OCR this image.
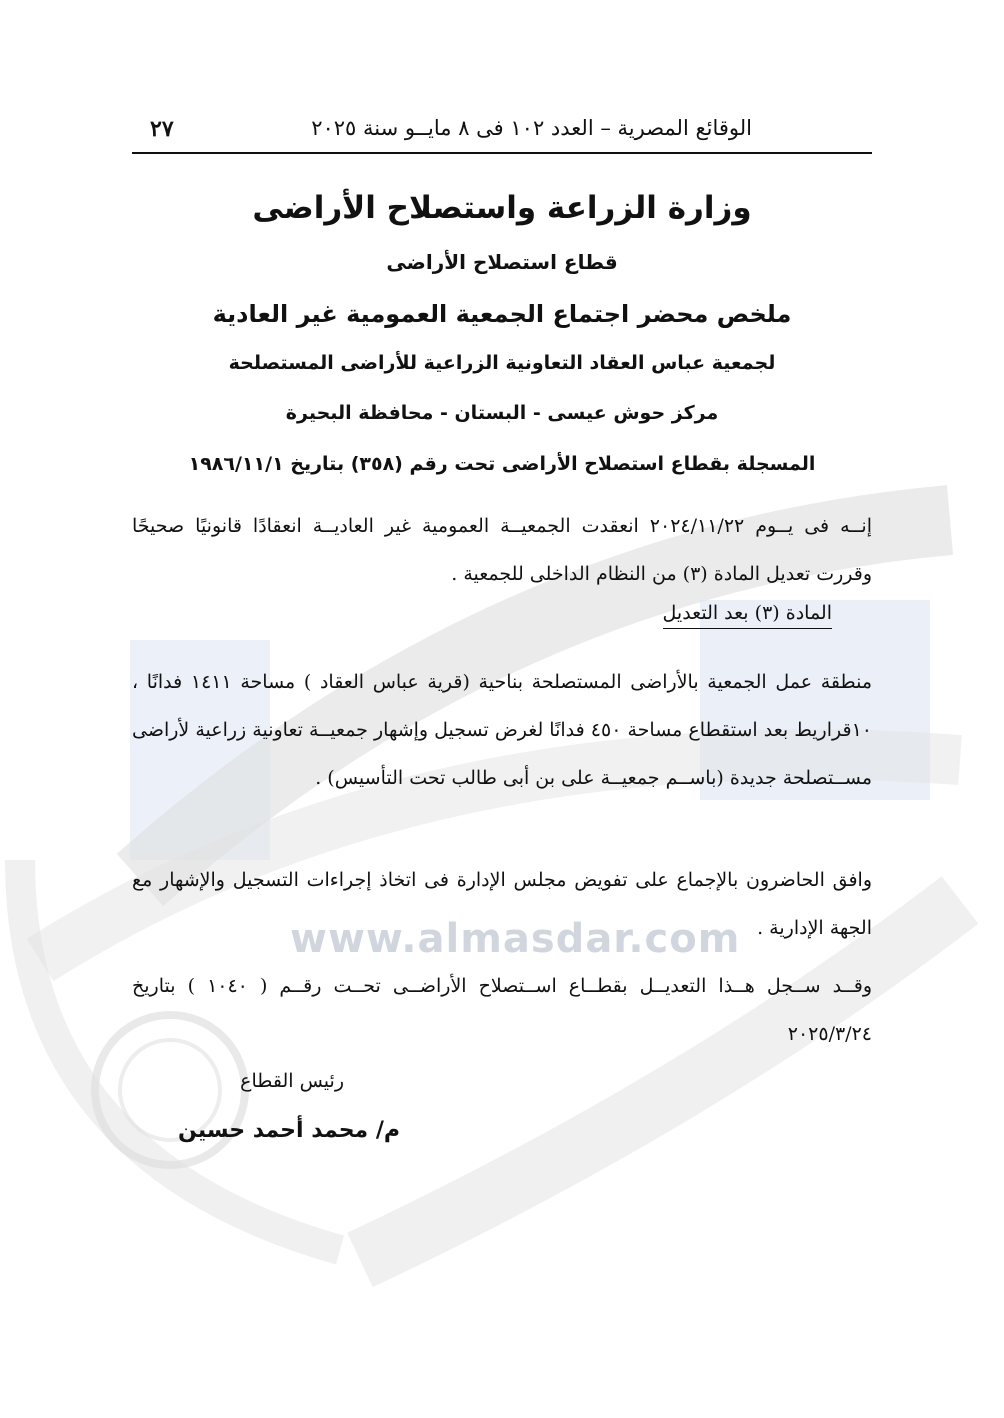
www.almasdar.com
الوقائع المصرية – العدد ١٠٢ فى ٨ مايــو سنة ٢٠٢٥
٢٧
وزارة الزراعة واستصلاح الأراضى
قطاع استصلاح الأراضى
ملخص محضر اجتماع الجمعية العمومية غير العادية
لجمعية عباس العقاد التعاونية الزراعية للأراضى المستصلحة
مركز حوش عيسى - البستان - محافظة البحيرة
المسجلة بقطاع استصلاح الأراضى تحت رقم (٣٥٨) بتاريخ ١٩٨٦/١١/١
إنــه فى يــوم ٢٠٢٤/١١/٢٢ انعقدت الجمعيــة العمومية غير العاديــة انعقادًا قانونيًا صحيحًا وقررت تعديل المادة (٣) من النظام الداخلى للجمعية .
المادة (٣) بعد التعديل
منطقة عمل الجمعية بالأراضى المستصلحة بناحية (قرية عباس العقاد ) مساحة ١٤١١ فدانًا ، ١٠قراريط بعد استقطاع مساحة ٤٥٠ فدانًا لغرض تسجيل وإشهار جمعيــة تعاونية زراعية لأراضى مســتصلحة جديدة (باســم جمعيــة على بن أبى طالب تحت التأسيس) .
وافق الحاضرون بالإجماع على تفويض مجلس الإدارة فى اتخاذ إجراءات التسجيل والإشهار مع الجهة الإدارية .
وقــد ســجل هــذا التعديــل بقطــاع اســتصلاح الأراضــى تحــت رقــم ( ١٠٤٠ ) بتاريخ ٢٠٢٥/٣/٢٤
رئيس القطاع
م/ محمد أحمد حسين
